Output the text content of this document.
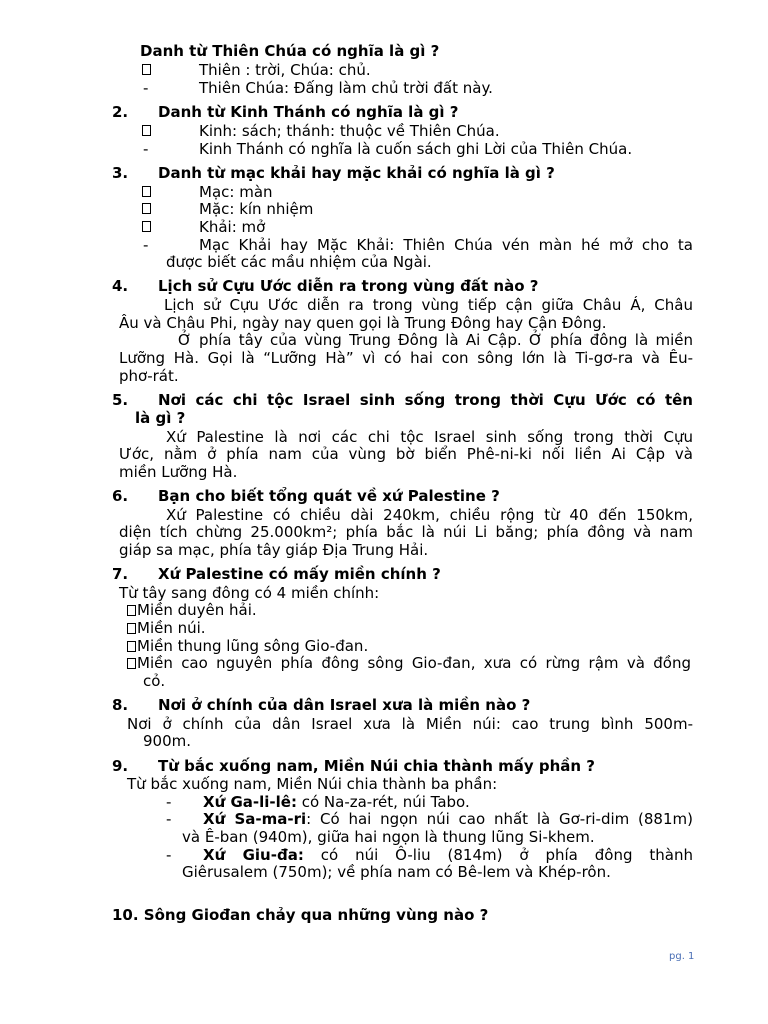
Danh từ Thiên Chúa có nghĩa là gì ?
Thiên : trời, Chúa: chủ.
-	Thiên Chúa: Đấng làm chủ trời đất này.
2. Danh từ Kinh Thánh có nghĩa là gì ?
Kinh: sách; thánh: thuộc về Thiên Chúa.
-	Kinh Thánh có nghĩa là cuốn sách ghi Lời của Thiên Chúa.
3. Danh từ mạc khải hay mặc khải có nghĩa là gì ?
Mạc: màn
Mặc: kín nhiệm
Khải: mở
-	Mạc Khải hay Mặc Khải: Thiên Chúa vén màn hé mở cho ta
được biết các mầu nhiệm của Ngài.
4. Lịch sử Cựu Ước diễn ra trong vùng đất nào ?
Lịch sử Cựu Ước diễn ra trong vùng tiếp cận giữa Châu Á, Châu
Âu và Châu Phi, ngày nay quen gọi là Trung Đông hay Cận Đông.
Ở phía tây của vùng Trung Đông là Ai Cập. Ở phía đông là miền
Lưỡng Hà. Gọi là “Lưỡng Hà” vì có hai con sông lớn là Ti-gơ-ra và Êu-
phơ-rát.
5. Nơi các chi tộc Israel sinh sống trong thời Cựu Ước có tên
là gì ?
Xứ Palestine là nơi các chi tộc Israel sinh sống trong thời Cựu
Ước, nằm ở phía nam của vùng bờ biển Phê-ni-ki nối liền Ai Cập và
miền Lưỡng Hà.
6. Bạn cho biết tổng quát về xứ Palestine ?
Xứ Palestine có chiều dài 240km, chiều rộng từ 40 đến 150km,
diện tích chừng 25.000km²; phía bắc là núi Li băng; phía đông và nam
giáp sa mạc, phía tây giáp Địa Trung Hải.
7. Xứ Palestine có mấy miền chính ?
Từ tây sang đông có 4 miền chính:
Miền duyên hải.
Miền núi.
Miền thung lũng sông Gio-đan.
Miền cao nguyên phía đông sông Gio-đan, xưa có rừng rậm và đồng
cỏ.
8. Nơi ở chính của dân Israel xưa là miền nào ?
Nơi ở chính của dân Israel xưa là Miền núi: cao trung bình 500m-
900m.
9. Từ bắc xuống nam, Miền Núi chia thành mấy phần ?
Từ bắc xuống nam, Miền Núi chia thành ba phần:
- Xứ Ga-li-lê: có Na-za-rét, núi Tabo.
- Xứ Sa-ma-ri: Có hai ngọn núi cao nhất là Gơ-ri-dim (881m)
và Ê-ban (940m), giữa hai ngọn là thung lũng Si-khem.
- Xứ Giu-đa: có núi Ô-liu (814m) ở phía đông thành
Giêrusalem (750m); về phía nam có Bê-lem và Khép-rôn.
10. Sông Giođan chảy qua những vùng nào ?
pg. 1
